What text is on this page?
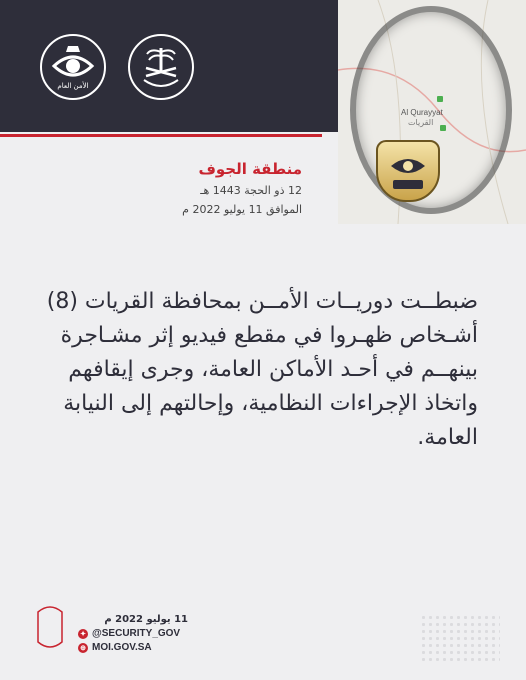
الأمن العام
Al Qurayyat
القريات

منطقة الجوف

12 ذو الحجة 1443 هـ

الموافق 11 يوليو 2022 م

ضبطــت دوريــات الأمــن بمحافظة القريات (8) أشـخاص ظهـروا في مقطع فيديو إثر مشـاجرة بينهــم في أحـد الأماكن العامة، وجرى إيقافهم واتخاذ الإجراءات النظامية، وإحالتهم إلى النيابة العامة.
11 يوليو 2022 م
✦ @SECURITY_GOV
⊕ MOI.GOV.SA
